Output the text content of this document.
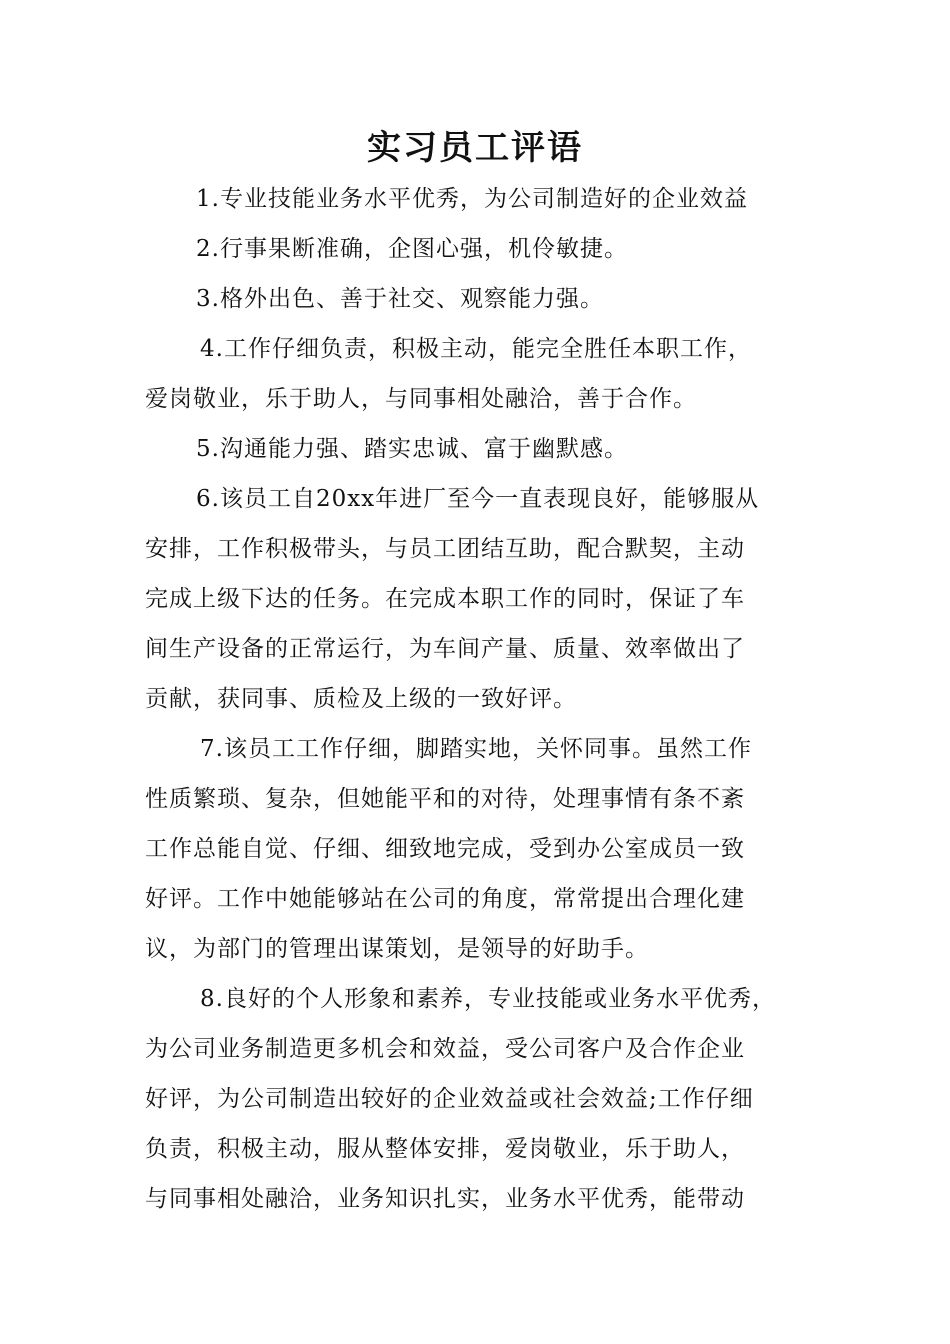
实习员工评语
1.专业技能业务水平优秀，为公司制造好的企业效益
2.行事果断准确，企图心强，机伶敏捷。
3.格外出色、善于社交、观察能力强。
4.工作仔细负责，积极主动，能完全胜任本职工作，
爱岗敬业，乐于助人，与同事相处融洽，善于合作。
5.沟通能力强、踏实忠诚、富于幽默感。
6.该员工自20xx年进厂至今一直表现良好，能够服从
安排，工作积极带头，与员工团结互助，配合默契，主动
完成上级下达的任务。在完成本职工作的同时，保证了车
间生产设备的正常运行，为车间产量、质量、效率做出了
贡献，获同事、质检及上级的一致好评。
7.该员工工作仔细，脚踏实地，关怀同事。虽然工作
性质繁琐、复杂，但她能平和的对待，处理事情有条不紊
工作总能自觉、仔细、细致地完成，受到办公室成员一致
好评。工作中她能够站在公司的角度，常常提出合理化建
议，为部门的管理出谋策划，是领导的好助手。
8.良好的个人形象和素养，专业技能或业务水平优秀，
为公司业务制造更多机会和效益，受公司客户及合作企业
好评，为公司制造出较好的企业效益或社会效益;工作仔细
负责，积极主动，服从整体安排，爱岗敬业，乐于助人，
与同事相处融洽，业务知识扎实，业务水平优秀，能带动
